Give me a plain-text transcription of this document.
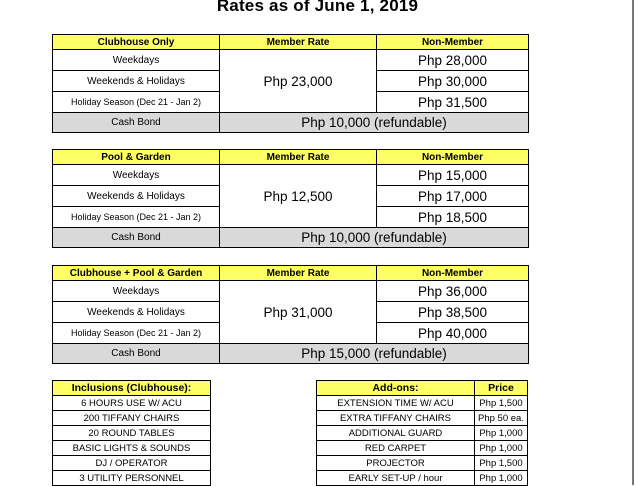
Rates as of June 1, 2019
Clubhouse Only	Member Rate	Non-Member
Weekdays	Php 23,000	Php 28,000
Weekends & Holidays		Php 30,000
Holiday Season (Dec 21 - Jan 2)		Php 31,500
Cash Bond	Php 10,000 (refundable)	
Pool & Garden	Member Rate	Non-Member
Weekdays	Php 12,500	Php 15,000
Weekends & Holidays		Php 17,000
Holiday Season (Dec 21 - Jan 2)		Php 18,500
Cash Bond	Php 10,000 (refundable)	
Clubhouse + Pool & Garden	Member Rate	Non-Member
Weekdays	Php 31,000	Php 36,000
Weekends & Holidays		Php 38,500
Holiday Season (Dec 21 - Jan 2)		Php 40,000
Cash Bond	Php 15,000 (refundable)	
Inclusions (Clubhouse):
6 HOURS USE W/ ACU
200 TIFFANY CHAIRS
20 ROUND TABLES
BASIC LIGHTS & SOUNDS
DJ / OPERATOR
3 UTILITY PERSONNEL
Add-ons:	Price
EXTENSION TIME W/ ACU	Php 1,500
EXTRA TIFFANY CHAIRS	Php 50 ea.
ADDITIONAL GUARD	Php 1,000
RED CARPET	Php 1,000
PROJECTOR	Php 1,500
EARLY SET-UP / hour	Php 1,000
